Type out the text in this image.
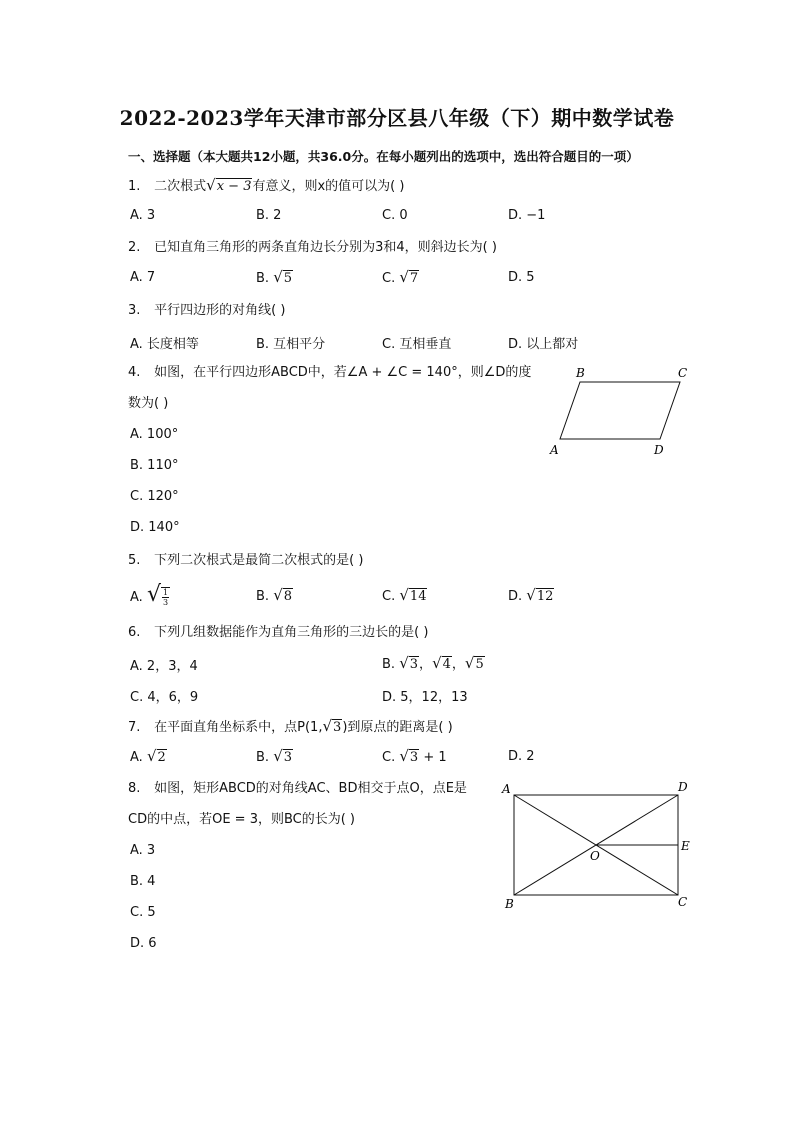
2022-2023学年天津市部分区县八年级（下）期中数学试卷
一、选择题（本大题共12小题，共36.0分。在每小题列出的选项中，选出符合题目的一项）
1. 二次根式√x − 3有意义，则x的值可以为( )
A. 3	B. 2	C. 0	D. −1
2. 已知直角三角形的两条直角边长分别为3和4，则斜边长为( )
A. 7	B. √5	C. √7	D. 5
3. 平行四边形的对角线( )
A. 长度相等	B. 互相平分	C. 互相垂直	D. 以上都对
4. 如图，在平行四边形ABCD中，若∠A + ∠C = 140°，则∠D的度
数为( )
A. 100°
B. 110°
C. 120°
D. 140°
B	C
A	D
5. 下列二次根式是最简二次根式的是( )
A. √ $\frac{1}{3}$	B. √8	C. √14	D. √12
6. 下列几组数据能作为直角三角形的三边长的是( )
A. 2，3，4	B. √3，√4，√5
C. 4，6，9	D. 5，12，13
7. 在平面直角坐标系中，点P(1,√3)到原点的距离是( )
A. √2	B. √3	C. √3 + 1	D. 2
8. 如图，矩形ABCD的对角线AC、BD相交于点O，点E是
CD的中点，若OE = 3，则BC的长为( )
A. 3
B. 4
C. 5
D. 6
A	D
E
O
B	C
